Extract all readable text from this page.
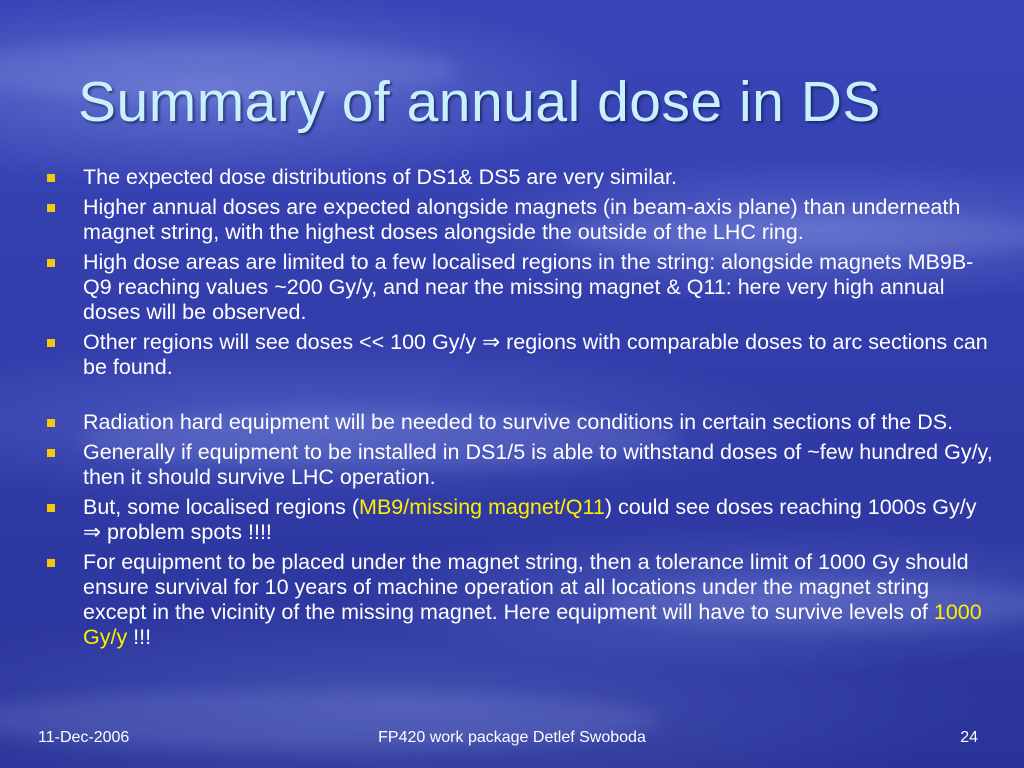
Summary of annual dose in DS
The expected dose distributions of DS1& DS5 are very similar.
Higher annual doses are expected alongside magnets (in beam-axis plane) than underneath magnet string, with the highest doses alongside the outside of the LHC ring.
High dose areas are limited to a few localised regions in the string: alongside magnets MB9B-Q9 reaching values ~200 Gy/y, and near the missing magnet & Q11: here very high annual doses will be observed.
Other regions will see doses << 100 Gy/y ⇒ regions with comparable doses to arc sections can be found.
Radiation hard equipment will be needed to survive conditions in certain sections of the DS.
Generally if equipment to be installed in DS1/5 is able to withstand doses of ~few hundred Gy/y, then it should survive LHC operation.
But, some localised regions (MB9/missing magnet/Q11) could see doses reaching 1000s Gy/y ⇒ problem spots !!!!
For equipment to be placed under the magnet string, then a tolerance limit of 1000 Gy should ensure survival for 10 years of machine operation at all locations under the magnet string except in the vicinity of the missing magnet. Here equipment will have to survive levels of 1000 Gy/y !!!
11-Dec-2006	FP420 work package Detlef Swoboda	24
